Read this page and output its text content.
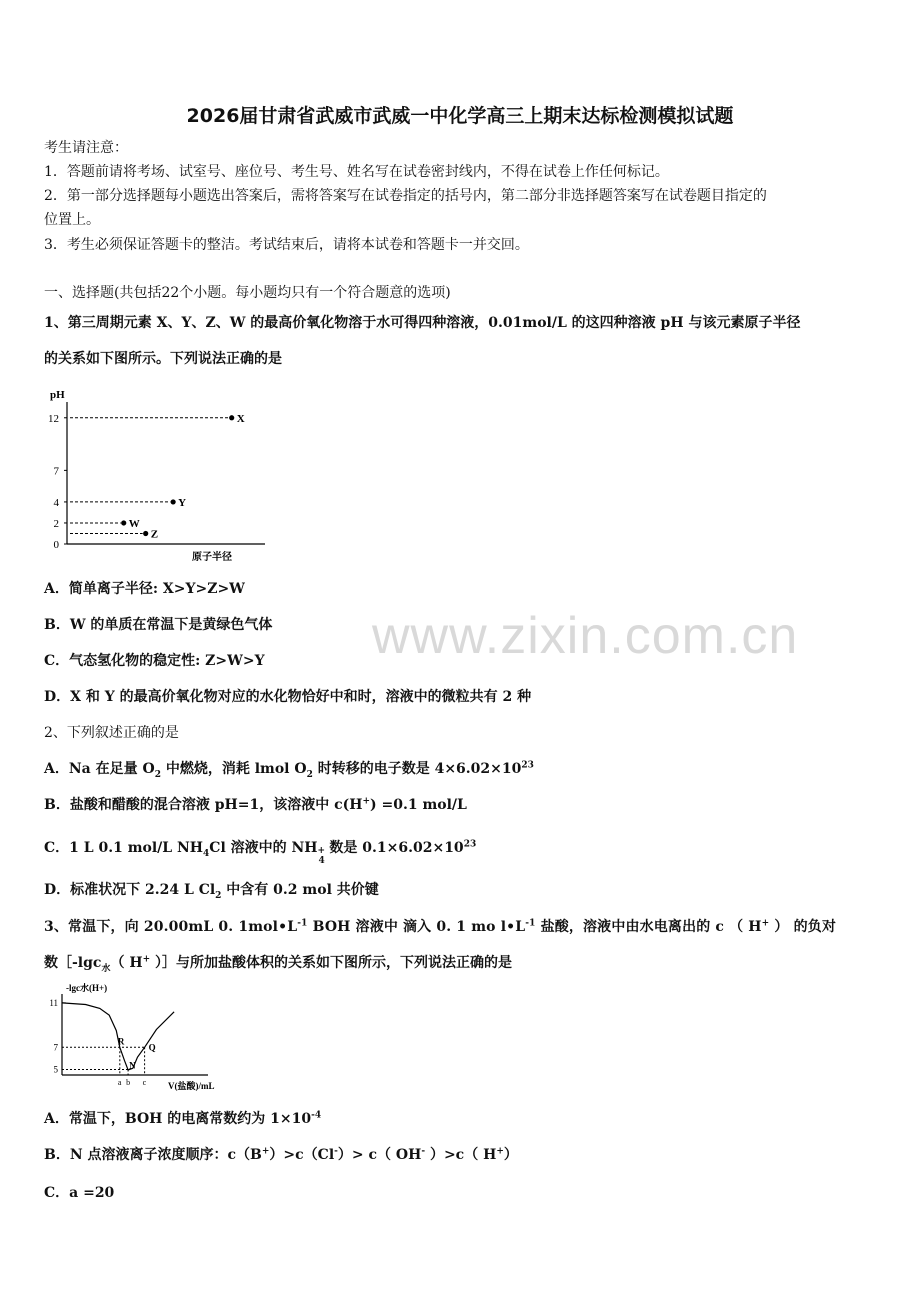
www.zixin.com.cn
2026届甘肃省武威市武威一中化学高三上期末达标检测模拟试题
考生请注意：
1．答题前请将考场、试室号、座位号、考生号、姓名写在试卷密封线内，不得在试卷上作任何标记。
2．第一部分选择题每小题选出答案后，需将答案写在试卷指定的括号内，第二部分非选择题答案写在试卷题目指定的
位置上。
3．考生必须保证答题卡的整洁。考试结束后，请将本试卷和答题卡一并交回。
一、选择题(共包括22个小题。每小题均只有一个符合题意的选项)
1、第三周期元素 X、Y、Z、W 的最高价氧化物溶于水可得四种溶液，0.01mol/L 的这四种溶液 pH 与该元素原子半径
的关系如下图所示。下列说法正确的是
pH
原子半径
0
2
4
7
12	X
Y
W
Z
A．简单离子半径: X>Y>Z>W
B．W 的单质在常温下是黄绿色气体
C．气态氢化物的稳定性: Z>W>Y
D．X 和 Y 的最高价氧化物对应的水化物恰好中和时，溶液中的微粒共有 2 种
2、下列叙述正确的是
A．Na 在足量 $O_2$ 中燃烧，消耗 lmol $O_2$ 时转移的电子数是 $4\times 6.02\times 10^{23}$
B．盐酸和醋酸的混合溶液 pH=1，该溶液中 c(H+) =0.1 mol/L
C．1 L 0.1 mol/L $NH_4Cl$ 溶液中的 NH +
4
数是 $0.1\times 6.02\times 10^{23}$
D．标准状况下 2.24 L $Cl_2$ 中含有 0.2 mol 共价键
3、常温下，向 20.00mL 0. $1mol•L^{-1}$ BOH 溶液中 滴入 0. 1 mo $l•L^{-1}$ 盐酸，溶液中由水电离出的 c （ H+ ） 的负对
数［-lgc$_水$（ H+ ）］与所加盐酸体积的关系如下图所示，下列说法正确的是
-lgc水(H+)
V(盐酸)/mL
5
7
11
a b c
R
N
Q
A．常温下，BOH 的电离常数约为 $1\times 10^{-4}$
B．N 点溶液离子浓度顺序：c（B+）>c（Cl-）> c（ OH- ）>c（ H+）
C．a =20
